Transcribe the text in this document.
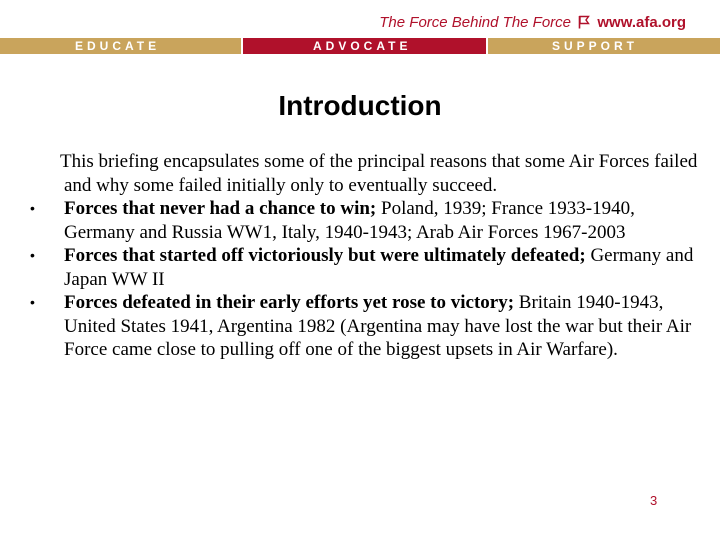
The Force Behind The Force www.afa.org
EDUCATE	ADVOCATE	SUPPORT
Introduction

This briefing encapsulates some of the principal reasons that some Air Forces failed and why some failed initially only to eventually succeed.

• Forces that never had a chance to win; Poland, 1939; France 1933-1940, Germany and Russia WW1, Italy, 1940-1943; Arab Air Forces 1967-2003

• Forces that started off victoriously but were ultimately defeated; Germany and Japan WW II

• Forces defeated in their early efforts yet rose to victory; Britain 1940-1943, United States 1941, Argentina 1982 (Argentina may have lost the war but their Air Force came close to pulling off one of the biggest upsets in Air Warfare).

3
